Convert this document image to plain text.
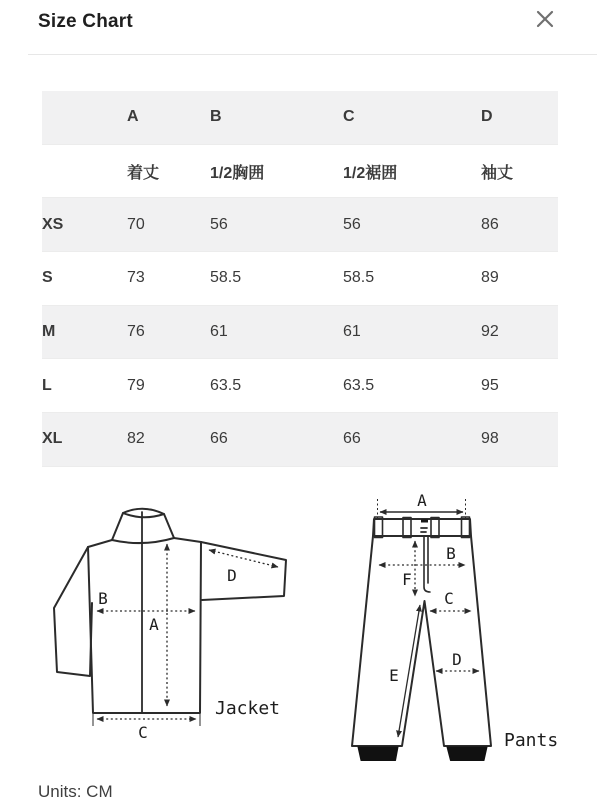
Size Chart
	A	B	C	D
	着丈	1/2胸囲	1/2裾囲	袖丈
XS	70	56	56	86
S	73	58.5	58.5	89
M	76	61	61	92
L	79	63.5	63.5	95
XL	82	66	66	98
A
B
C
D
Jacket
A
B
C
D
E
F
Pants
Units: CM
